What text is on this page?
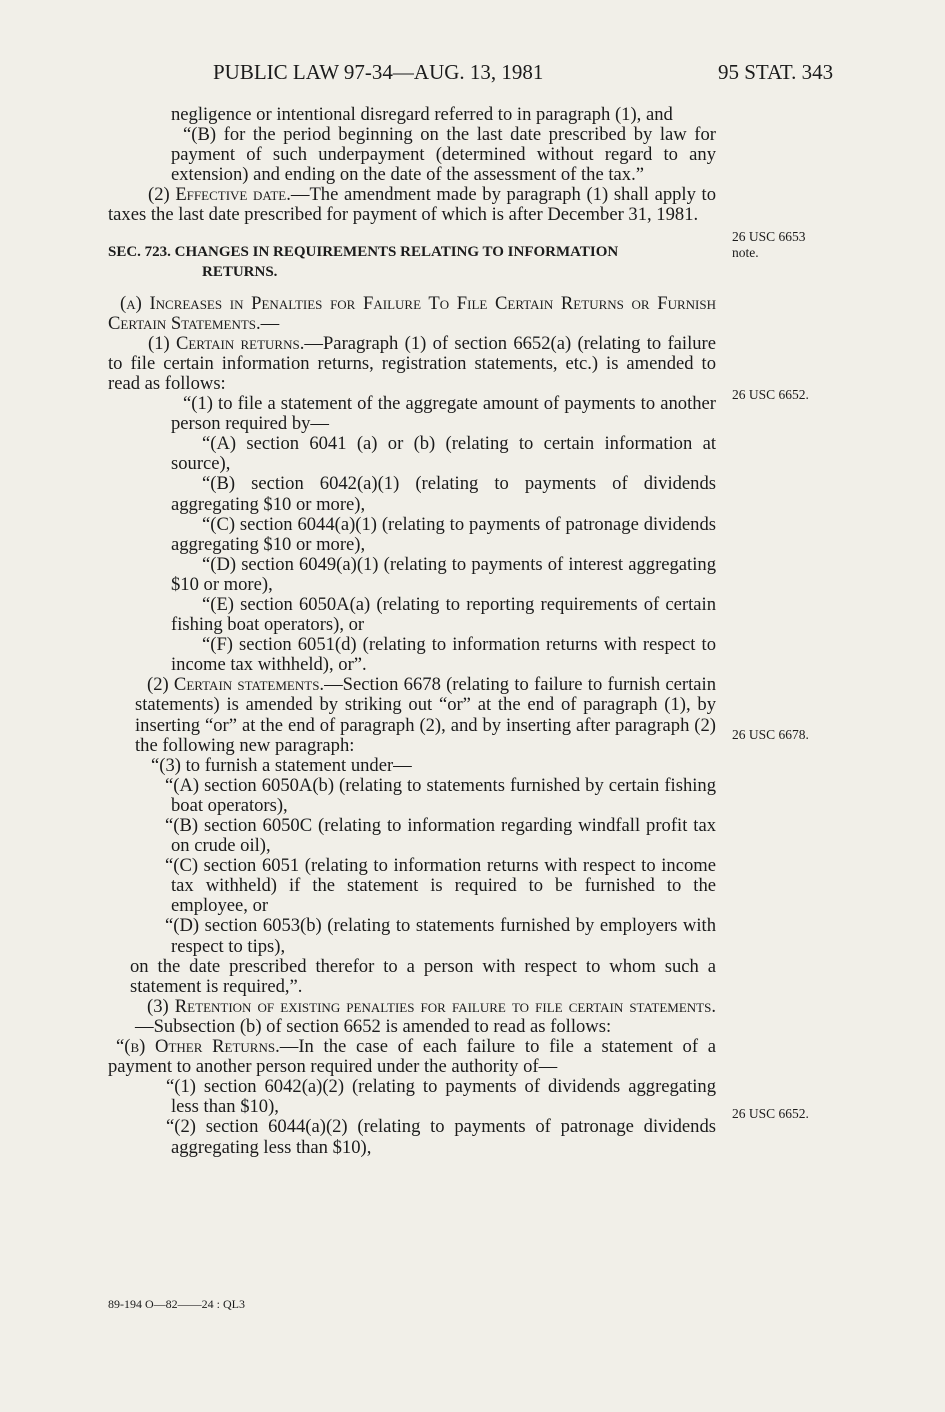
PUBLIC LAW 97-34—AUG. 13, 1981	95 STAT. 343

negligence or intentional disregard referred to in paragraph (1), and

“(B) for the period beginning on the last date prescribed by law for payment of such underpayment (determined without regard to any extension) and ending on the date of the assessment of the tax.”

(2) Effective date.—The amendment made by paragraph (1) shall apply to taxes the last date prescribed for payment of which is after December 31, 1981.

SEC. 723. CHANGES IN REQUIREMENTS RELATING TO INFORMATION
RETURNS.

(a) Increases in Penalties for Failure To File Certain Returns or Furnish Certain Statements.—

(1) Certain returns.—Paragraph (1) of section 6652(a) (relating to failure to file certain information returns, registration statements, etc.) is amended to read as follows:

“(1) to file a statement of the aggregate amount of payments to another person required by—

“(A) section 6041 (a) or (b) (relating to certain information at source),

“(B) section 6042(a)(1) (relating to payments of dividends aggregating $10 or more),

“(C) section 6044(a)(1) (relating to payments of patronage dividends aggregating $10 or more),

“(D) section 6049(a)(1) (relating to payments of interest aggregating $10 or more),

“(E) section 6050A(a) (relating to reporting requirements of certain fishing boat operators), or

“(F) section 6051(d) (relating to information returns with respect to income tax withheld), or”.

(2) Certain statements.—Section 6678 (relating to failure to furnish certain statements) is amended by striking out “or” at the end of paragraph (1), by inserting “or” at the end of paragraph (2), and by inserting after paragraph (2) the following new paragraph:

“(3) to furnish a statement under—

“(A) section 6050A(b) (relating to statements furnished by certain fishing boat operators),

“(B) section 6050C (relating to information regarding windfall profit tax on crude oil),

“(C) section 6051 (relating to information returns with respect to income tax withheld) if the statement is required to be furnished to the employee, or

“(D) section 6053(b) (relating to statements furnished by employers with respect to tips),

on the date prescribed therefor to a person with respect to whom such a statement is required,”.

(3) Retention of existing penalties for failure to file certain statements.—Subsection (b) of section 6652 is amended to read as follows:

“(b) Other Returns.—In the case of each failure to file a statement of a payment to another person required under the authority of—

“(1) section 6042(a)(2) (relating to payments of dividends aggregating less than $10),

“(2) section 6044(a)(2) (relating to payments of patronage dividends aggregating less than $10),

26 USC 6653
note.
26 USC 6652.
26 USC 6678.
26 USC 6652.
89-194 O—82——24 : QL3
